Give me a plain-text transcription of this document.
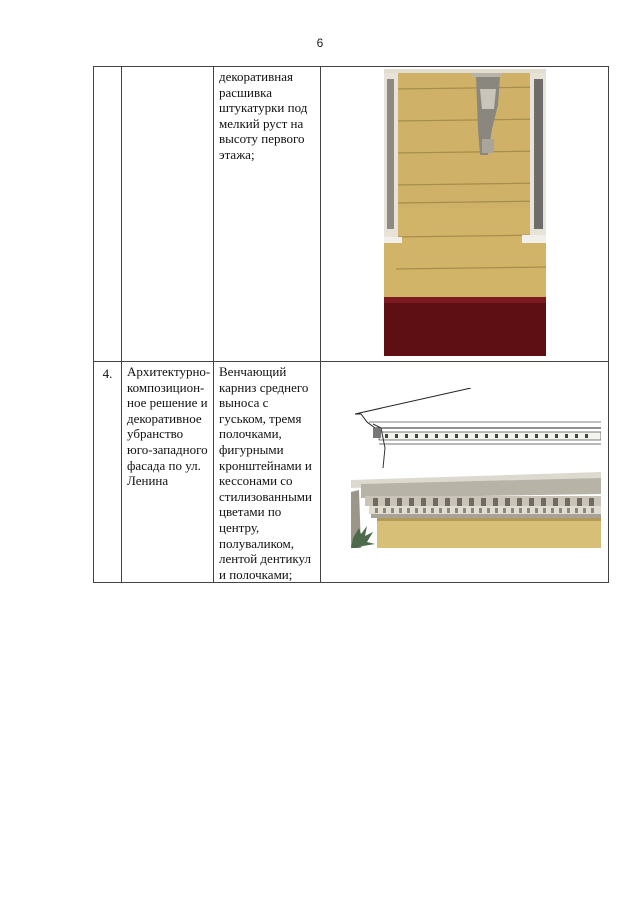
6
		декоративная расшивка штукатурки под мелкий руст на высоту первого этажа;	

4.	Архитектурно-композицион-ное решение и декоративное убранство юго-западного фасада по ул. Ленина	Венчающий карниз среднего выноса с гуськом, тремя полочками, фигурными кронштейнами и кессонами со стилизованными цветами по центру, полуваликом, лентой дентикул и полочками;	
